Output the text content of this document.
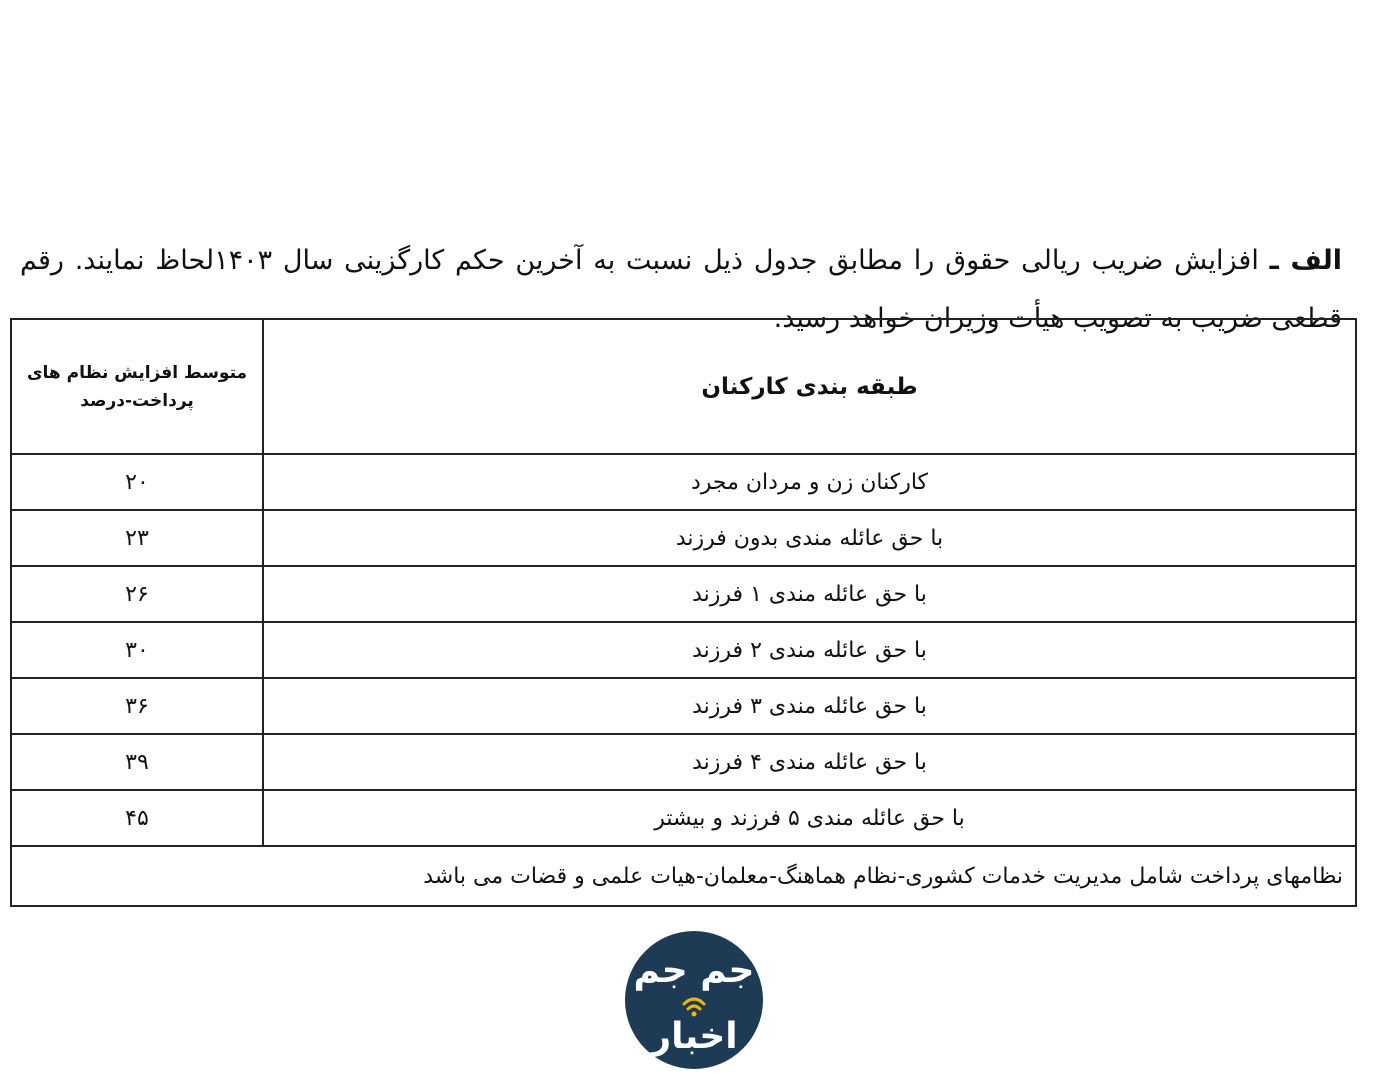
الف ـ افزایش ضریب ریالی حقوق را مطابق جدول ذیل نسبت به آخرین حکم کارگزینی سال ۱۴۰۳لحاظ نمایند. رقم قطعی ضریب به تصویب هیأت وزیران خواهد رسید.

طبقه بندی کارکنان	متوسط افزایش نظام های
پرداخت-درصد
کارکنان زن و مردان مجرد	۲۰
با حق عائله مندی بدون فرزند	۲۳
با حق عائله مندی ۱ فرزند	۲۶
با حق عائله مندی ۲ فرزند	۳۰
با حق عائله مندی ۳ فرزند	۳۶
با حق عائله مندی ۴ فرزند	۳۹
با حق عائله مندی ۵ فرزند و بیشتر	۴۵
نظامهای پرداخت شامل مدیریت خدمات کشوری-نظام هماهنگ-معلمان-هیات علمی و قضات می باشد	
جم جم
اخبار
